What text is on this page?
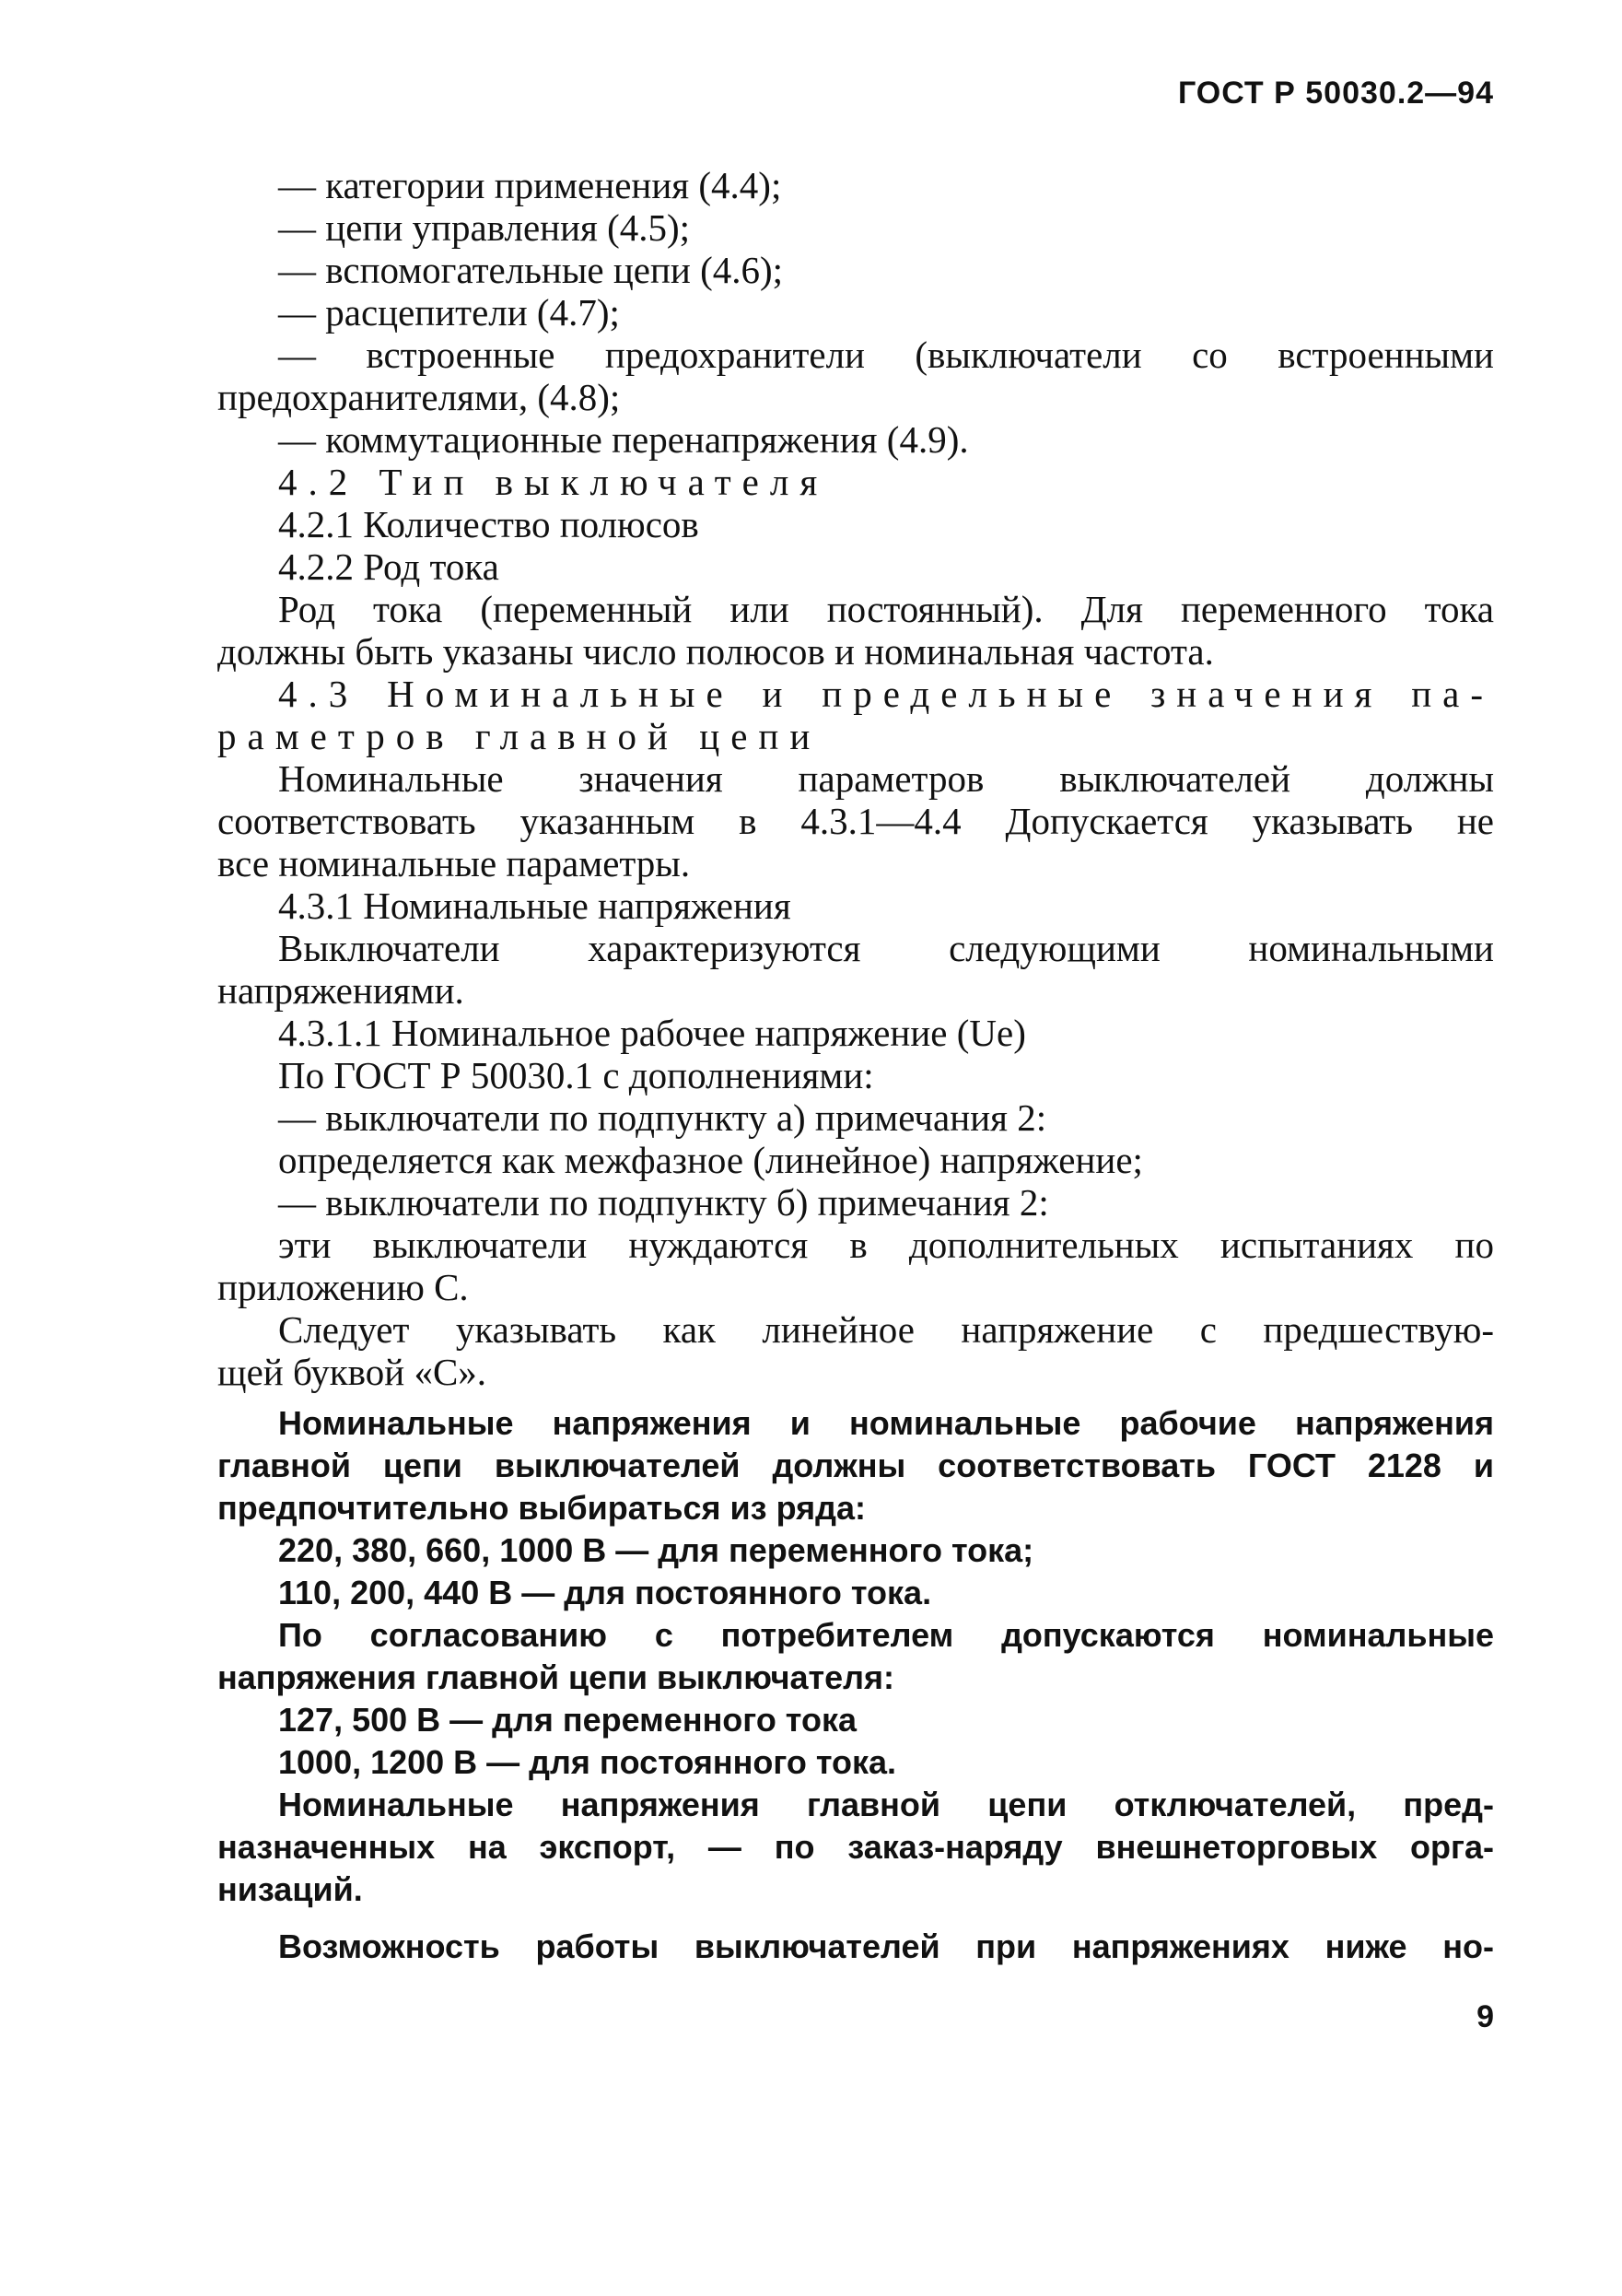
ГОСТ Р 50030.2—94
— категории применения (4.4);
— цепи управления (4.5);
— вспомогательные цепи (4.6);
— расцепители (4.7);
— встроенные предохранители (выключатели со встроенными
предохранителями, (4.8);
— коммутационные перенапряжения (4.9).
4.2 Тип выключателя
4.2.1 Количество полюсов
4.2.2 Род тока
Род тока (переменный или постоянный). Для переменного тока
должны быть указаны число полюсов и номинальная частота.
4.3 Номинальные и предельные значения па-
раметров главной цепи
Номинальные значения параметров выключателей должны
соответствовать указанным в 4.3.1—4.4 Допускается указывать не
все номинальные параметры.
4.3.1 Номинальные напряжения
Выключатели характеризуются следующими номинальными
напряжениями.
4.3.1.1 Номинальное рабочее напряжение (Uе)
По ГОСТ Р 50030.1 с дополнениями:
— выключатели по подпункту а) примечания 2:
определяется как межфазное (линейное) напряжение;
— выключатели по подпункту б) примечания 2:
эти выключатели нуждаются в дополнительных испытаниях по
приложению С.
Следует указывать как линейное напряжение с предшествую-
щей буквой «С».
Номинальные напряжения и номинальные рабочие напряжения
главной цепи выключателей должны соответствовать ГОСТ 2128 и
предпочтительно выбираться из ряда:
220, 380, 660, 1000 В — для переменного тока;
110, 200, 440 В — для постоянного тока.
По согласованию с потребителем допускаются номинальные
напряжения главной цепи выключателя:
127, 500 В — для переменного тока
1000, 1200 В — для постоянного тока.
Номинальные напряжения главной цепи отключателей, пред-
назначенных на экспорт, — по заказ-наряду внешнеторговых орга-
низаций.
Возможность работы выключателей при напряжениях ниже но-
9
